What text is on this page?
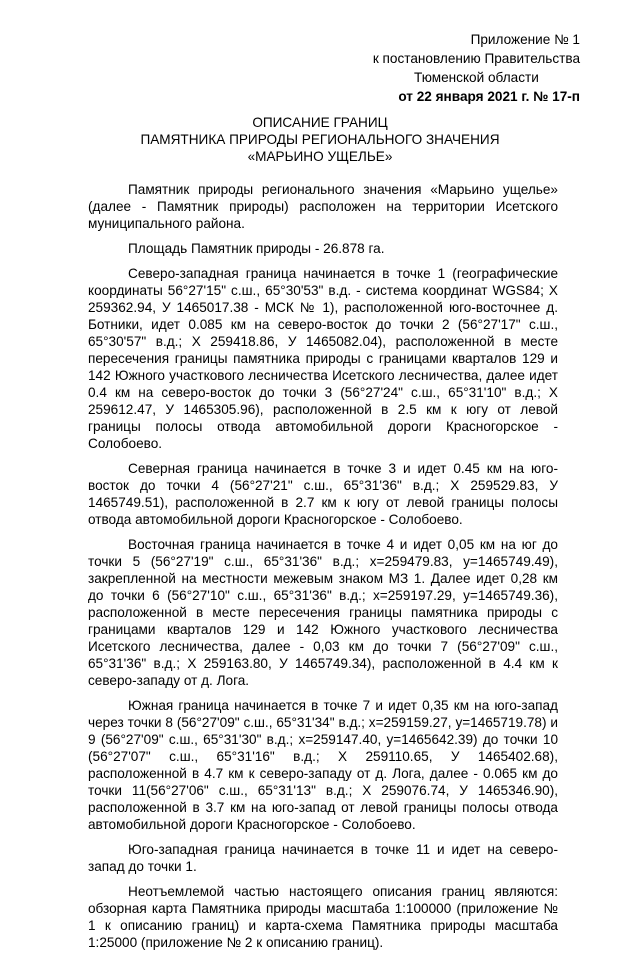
Приложение № 1
к постановлению Правительства
Тюменской области
от 22 января 2021 г. № 17-п
ОПИСАНИЕ ГРАНИЦ
ПАМЯТНИКА ПРИРОДЫ РЕГИОНАЛЬНОГО ЗНАЧЕНИЯ
«МАРЬИНО УЩЕЛЬЕ»

Памятник природы регионального значения «Марьино ущелье» (далее - Памятник природы) расположен на территории Исетского муниципального района.

Площадь Памятник природы - 26.878 га.

Северо-западная граница начинается в точке 1 (географические координаты 56°27'15" с.ш., 65°30'53" в.д. - система координат WGS84; X 259362.94, У 1465017.38 - МСК № 1), расположенной юго-восточнее д. Ботники, идет 0.085 км на северо-восток до точки 2 (56°27'17" с.ш., 65°30'57" в.д.; X 259418.86, У 1465082.04), расположенной в месте пересечения границы памятника природы с границами кварталов 129 и 142 Южного участкового лесничества Исетского лесничества, далее идет 0.4 км на северо-восток до точки 3 (56°27'24" с.ш., 65°31'10" в.д.; X 259612.47, У 1465305.96), расположенной в 2.5 км к югу от левой границы полосы отвода автомобильной дороги Красногорское - Солобоево.

Северная граница начинается в точке 3 и идет 0.45 км на юго-восток до точки 4 (56°27'21" с.ш., 65°31'36" в.д.; X 259529.83, У 1465749.51), расположенной в 2.7 км к югу от левой границы полосы отвода автомобильной дороги Красногорское - Солобоево.

Восточная граница начинается в точке 4 и идет 0,05 км на юг до точки 5 (56°27'19" с.ш., 65°31'36" в.д.; x=259479.83, y=1465749.49), закрепленной на местности межевым знаком МЗ 1. Далее идет 0,28 км до точки 6 (56°27'10" с.ш., 65°31'36" в.д.; x=259197.29, y=1465749.36), расположенной в месте пересечения границы памятника природы с границами кварталов 129 и 142 Южного участкового лесничества Исетского лесничества, далее - 0,03 км до точки 7 (56°27'09" с.ш., 65°31'36" в.д.; X 259163.80, У 1465749.34), расположенной в 4.4 км к северо-западу от д. Лога.

Южная граница начинается в точке 7 и идет 0,35 км на юго-запад через точки 8 (56°27'09" с.ш., 65°31'34" в.д.; x=259159.27, y=1465719.78) и 9 (56°27'09" с.ш., 65°31'30" в.д.; x=259147.40, y=1465642.39) до точки 10 (56°27'07" с.ш., 65°31'16" в.д.; X 259110.65, У 1465402.68), расположенной в 4.7 км к северо-западу от д. Лога, далее - 0.065 км до точки 11(56°27'06" с.ш., 65°31'13" в.д.; X 259076.74, У 1465346.90), расположенной в 3.7 км на юго-запад от левой границы полосы отвода автомобильной дороги Красногорское - Солобоево.

Юго-западная граница начинается в точке 11 и идет на северо-запад до точки 1.

Неотъемлемой частью настоящего описания границ являются: обзорная карта Памятника природы масштаба 1:100000 (приложение № 1 к описанию границ) и карта-схема Памятника природы масштаба 1:25000 (приложение № 2 к описанию границ).
